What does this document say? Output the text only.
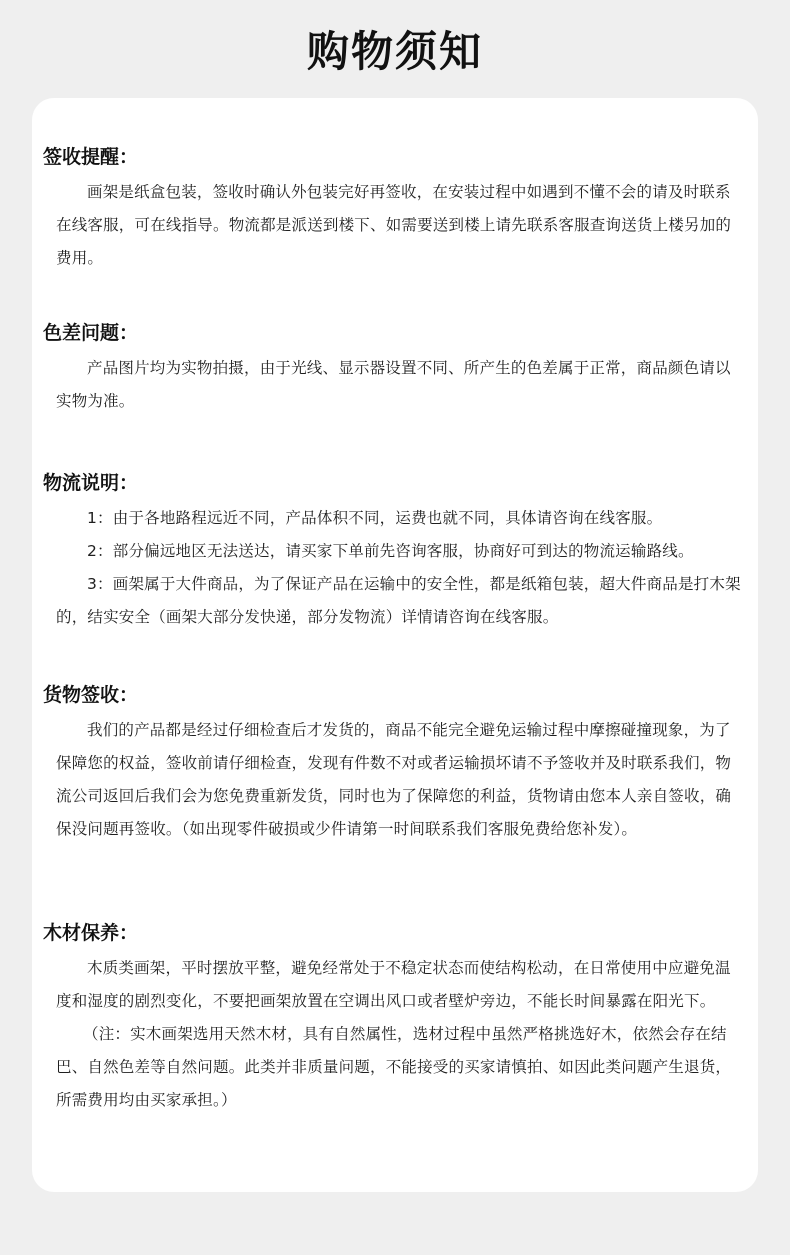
购物须知
签收提醒：

画架是纸盒包装，签收时确认外包装完好再签收，在安装过程中如遇到不懂不会的请及时联系在线客服，可在线指导。物流都是派送到楼下、如需要送到楼上请先联系客服查询送货上楼另加的费用。

色差问题：

产品图片均为实物拍摄，由于光线、显示器设置不同、所产生的色差属于正常，商品颜色请以实物为准。

物流说明：

1：由于各地路程远近不同，产品体积不同，运费也就不同，具体请咨询在线客服。

2：部分偏远地区无法送达，请买家下单前先咨询客服，协商好可到达的物流运输路线。

3：画架属于大件商品，为了保证产品在运输中的安全性，都是纸箱包装，超大件商品是打木架的，结实安全（画架大部分发快递，部分发物流）详情请咨询在线客服。

货物签收：

我们的产品都是经过仔细检查后才发货的，商品不能完全避免运输过程中摩擦碰撞现象，为了保障您的权益，签收前请仔细检查，发现有件数不对或者运输损坏请不予签收并及时联系我们，物流公司返回后我们会为您免费重新发货，同时也为了保障您的利益，货物请由您本人亲自签收，确保没问题再签收。（如出现零件破损或少件请第一时间联系我们客服免费给您补发）。

木材保养：

木质类画架，平时摆放平整，避免经常处于不稳定状态而使结构松动，在日常使用中应避免温度和湿度的剧烈变化，不要把画架放置在空调出风口或者壁炉旁边，不能长时间暴露在阳光下。

（注：实木画架选用天然木材，具有自然属性，选材过程中虽然严格挑选好木，依然会存在结巴、自然色差等自然问题。此类并非质量问题，不能接受的买家请慎拍、如因此类问题产生退货，所需费用均由买家承担。）
